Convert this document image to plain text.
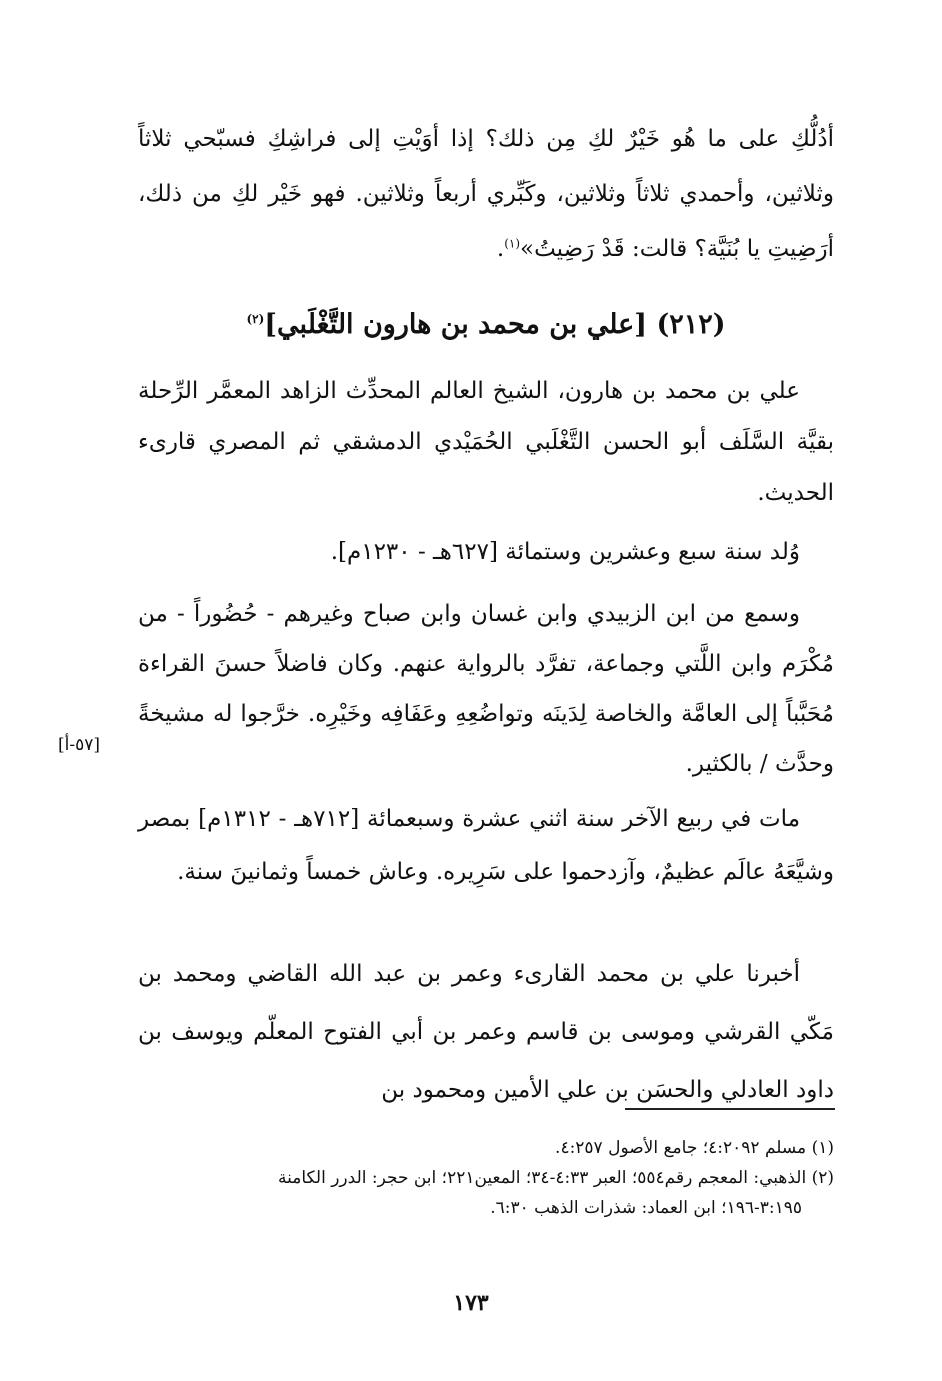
أدُلُّكِ على ما هُو خَيْرٌ لكِ مِن ذلك؟ إذا أوَيْتِ إلى فراشِكِ فسبّحي ثلاثاً وثلاثين، وأحمدي ثلاثاً وثلاثين، وكَبِّري أربعاً وثلاثين. فهو خَيْر لكِ من ذلك، أرَضِيتِ يا بُنَيَّة؟ قالت: قَدْ رَضِيتُ»$^{(١)}$.
(٢١٢) [علي بن محمد بن هارون التَّغْلَبي]$^{(٢)}$
علي بن محمد بن هارون، الشيخ العالم المحدِّث الزاهد المعمَّر الرِّحلة بقيَّة السَّلَف أبو الحسن التَّغْلَبي الحُمَيْدي الدمشقي ثم المصري قارىء الحديث.
وُلد سنة سبع وعشرين وستمائة [٦٢٧هـ - ١٢٣٠م].
وسمع من ابن الزبيدي وابن غسان وابن صباح وغيرهم - حُضُوراً - من مُكْرَم وابن اللَّتي وجماعة، تفرَّد بالرواية عنهم. وكان فاضلاً حسنَ القراءة مُحَبَّباً إلى العامَّة والخاصة لِدَينَه وتواضُعِهِ وعَفَافِه وخَيْرِه. خرَّجوا له مشيخةً وحدَّث / بالكثير.
[٥٧-أ]
مات في ربيع الآخر سنة اثني عشرة وسبعمائة [٧١٢هـ - ١٣١٢م] بمصر وشيَّعَهُ عالَم عظيمٌ، وآزدحموا على سَرِيره. وعاش خمساً وثمانينَ سنة.
أخبرنا علي بن محمد القارىء وعمر بن عبد الله القاضي ومحمد بن مَكّي القرشي وموسى بن قاسم وعمر بن أبي الفتوح المعلّم ويوسف بن داود العادلي والحسَن بن علي الأمين ومحمود بن

(١) مسلم ٤:٢٠٩٢؛ جامع الأصول ٤:٢٥٧.

(٢) الذهبي: المعجم رقم٥٥٤؛ العبر ٤:٣٣-٣٤؛ المعين٢٢١؛ ابن حجر: الدرر الكامنة

٣:١٩٥-١٩٦؛ ابن العماد: شذرات الذهب ٦:٣٠.

١٧٣
